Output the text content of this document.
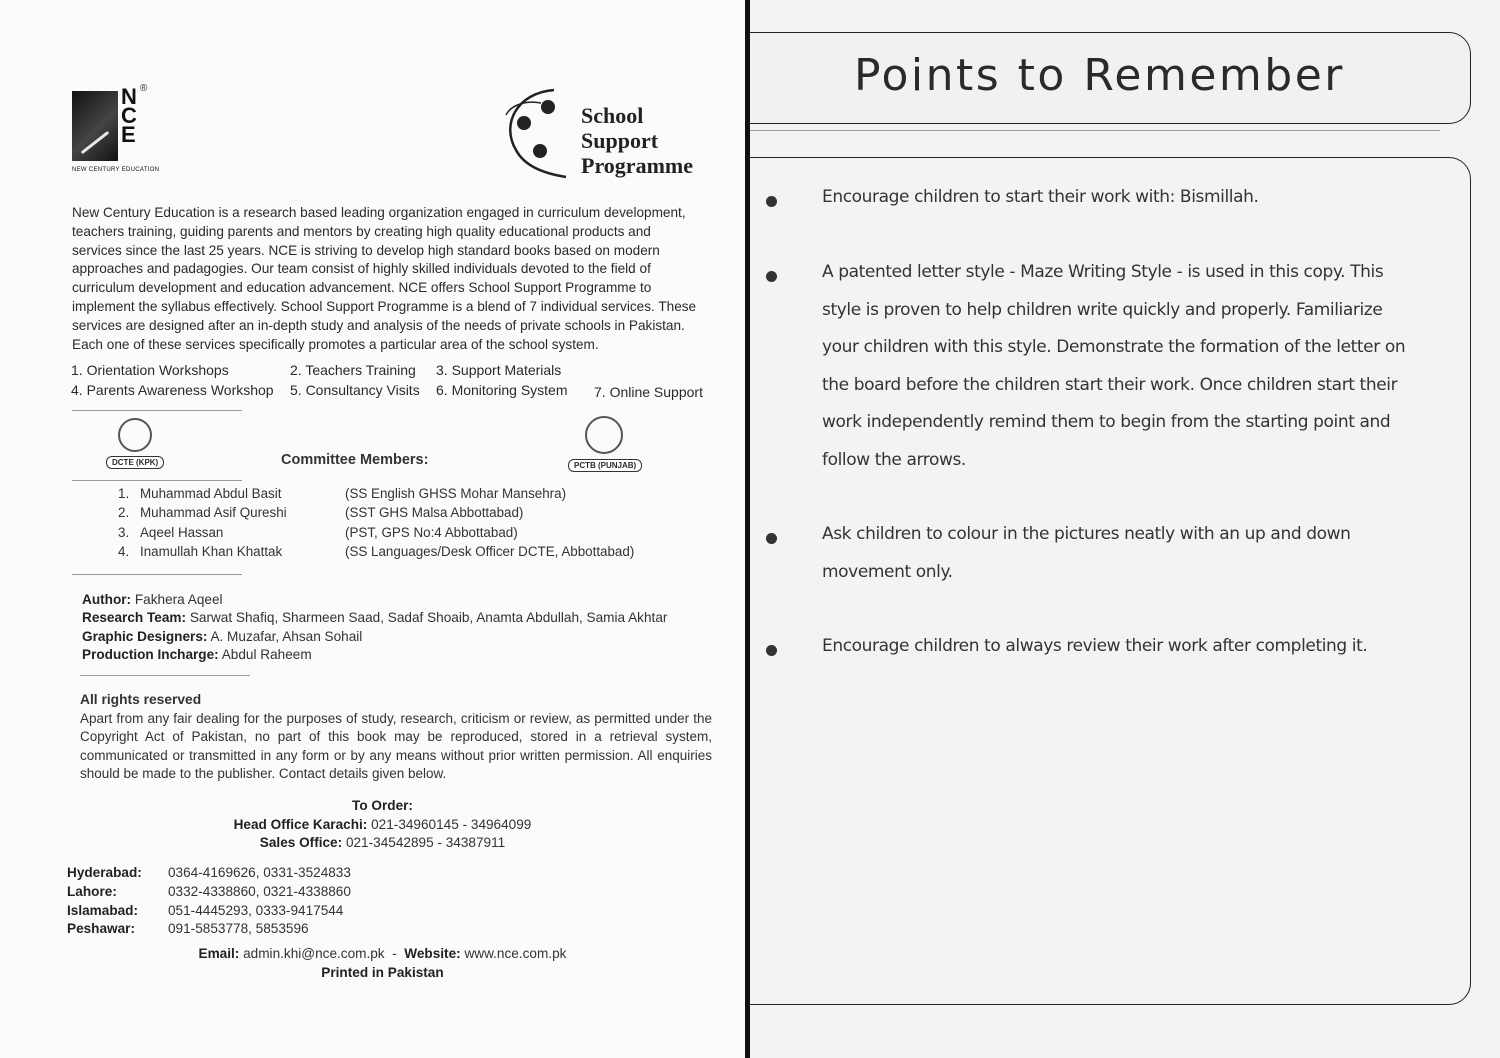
N
C
E
®
NEW CENTURY EDUCATION
School
Support
Programme

New Century Education is a research based leading organization engaged in curriculum development, teachers training, guiding parents and mentors by creating high quality educational products and services since the last 25 years. NCE is striving to develop high standard books based on modern approaches and padagogies. Our team consist of highly skilled individuals devoted to the field of curriculum development and education advancement. NCE offers School Support Programme to implement the syllabus effectively. School Support Programme is a blend of 7 individual services. These services are designed after an in-depth study and analysis of the needs of private schools in Pakistan. Each one of these services specifically promotes a particular area of the school system.

1. Orientation Workshops	2. Teachers Training 3. Support Materials
4. Parents Awareness Workshop 5. Consultancy Visits 6. Monitoring System 7. Online Support
DCTE (KPK)	Committee Members:	PCTB (PUNJAB)
1. Muhammad Abdul Basit	(SS English GHSS Mohar Mansehra)
2. Muhammad Asif Qureshi	(SST GHS Malsa Abbottabad)
3. Aqeel Hassan	(PST, GPS No:4 Abbottabad)
4. Inamullah Khan Khattak	(SS Languages/Desk Officer DCTE, Abbottabad)
Author: Fakhera Aqeel
Research Team: Sarwat Shafiq, Sharmeen Saad, Sadaf Shoaib, Anamta Abdullah, Samia Akhtar
Graphic Designers: A. Muzafar, Ahsan Sohail
Production Incharge: Abdul Raheem
All rights reserved

Apart from any fair dealing for the purposes of study, research, criticism or review, as permitted under the Copyright Act of Pakistan, no part of this book may be reproduced, stored in a retrieval system, communicated or transmitted in any form or by any means without prior written permission. All enquiries should be made to the publisher. Contact details given below.

To Order:
Head Office Karachi: 021-34960145 - 34964099
Sales Office: 021-34542895 - 34387911
Hyderabad: 0364-4169626, 0331-3524833
Lahore:	0332-4338860, 0321-4338860
Islamabad: 051-4445293, 0333-9417544
Peshawar: 091-5853778, 5853596
Email: admin.khi@nce.com.pk - Website: www.nce.com.pk
Printed in Pakistan
Points to Remember

Encourage children to start their work with: Bismillah.

A patented letter style - Maze Writing Style - is used in this copy. This style is proven to help children write quickly and properly. Familiarize your children with this style. Demonstrate the formation of the letter on the board before the children start their work. Once children start their work independently remind them to begin from the starting point and follow the arrows.

Ask children to colour in the pictures neatly with an up and down movement only.

Encourage children to always review their work after completing it.
